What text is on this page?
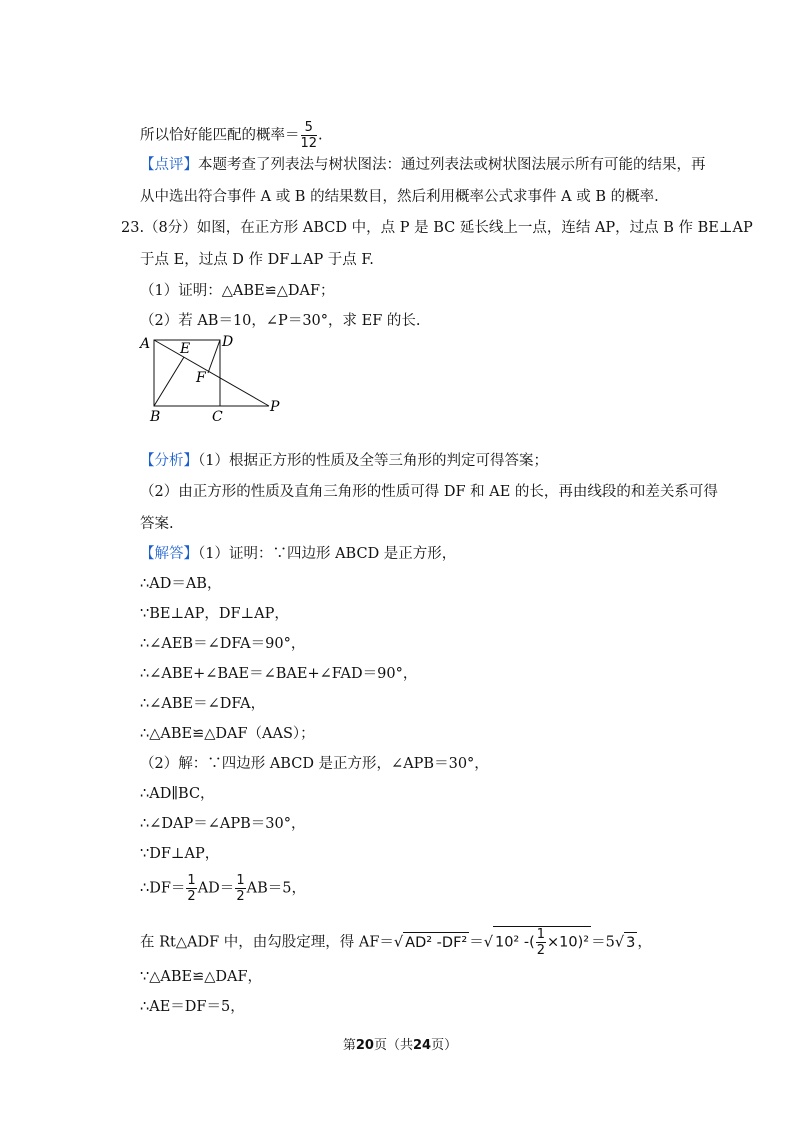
所以恰好能匹配的概率＝ $\frac{5}{12}$ .
【点评】本题考查了列表法与树状图法：通过列表法或树状图法展示所有可能的结果，再
从中选出符合事件 A 或 B 的结果数目，然后利用概率公式求事件 A 或 B 的概率.
23.（8分）如图，在正方形 ABCD 中，点 P 是 BC 延长线上一点，连结 AP，过点 B 作 BE⊥AP
于点 E，过点 D 作 DF⊥AP 于点 F.
（1）证明：△ABE≌△DAF；
（2）若 AB＝10，∠P＝30°，求 EF 的长.
A	D
E
F
B	C
P
【分析】（1）根据正方形的性质及全等三角形的判定可得答案；
（2）由正方形的性质及直角三角形的性质可得 DF 和 AE 的长，再由线段的和差关系可得
答案.
【解答】（1）证明：∵四边形 ABCD 是正方形，
∴AD＝AB，
∵BE⊥AP，DF⊥AP，
∴∠AEB＝∠DFA＝90°，
∴∠ABE+∠BAE＝∠BAE+∠FAD＝90°，
∴∠ABE＝∠DFA，
∴△ABE≌△DAF（AAS）；
（2）解：∵四边形 ABCD 是正方形，∠APB＝30°，
∴AD∥BC，
∴∠DAP＝∠APB＝30°，
∵DF⊥AP，
∴DF＝ $\frac{1}{2} AD= \frac{1}{2} AB=5$，
在 Rt△ADF 中，由勾股定理，得 AF＝√ AD² -DF² ＝√ 10² -( $\frac{1}{2} \times 10)^2 =5√$ 3 ，
∵△ABE≌△DAF，
∴AE＝DF＝5，
第20页（共24页）
